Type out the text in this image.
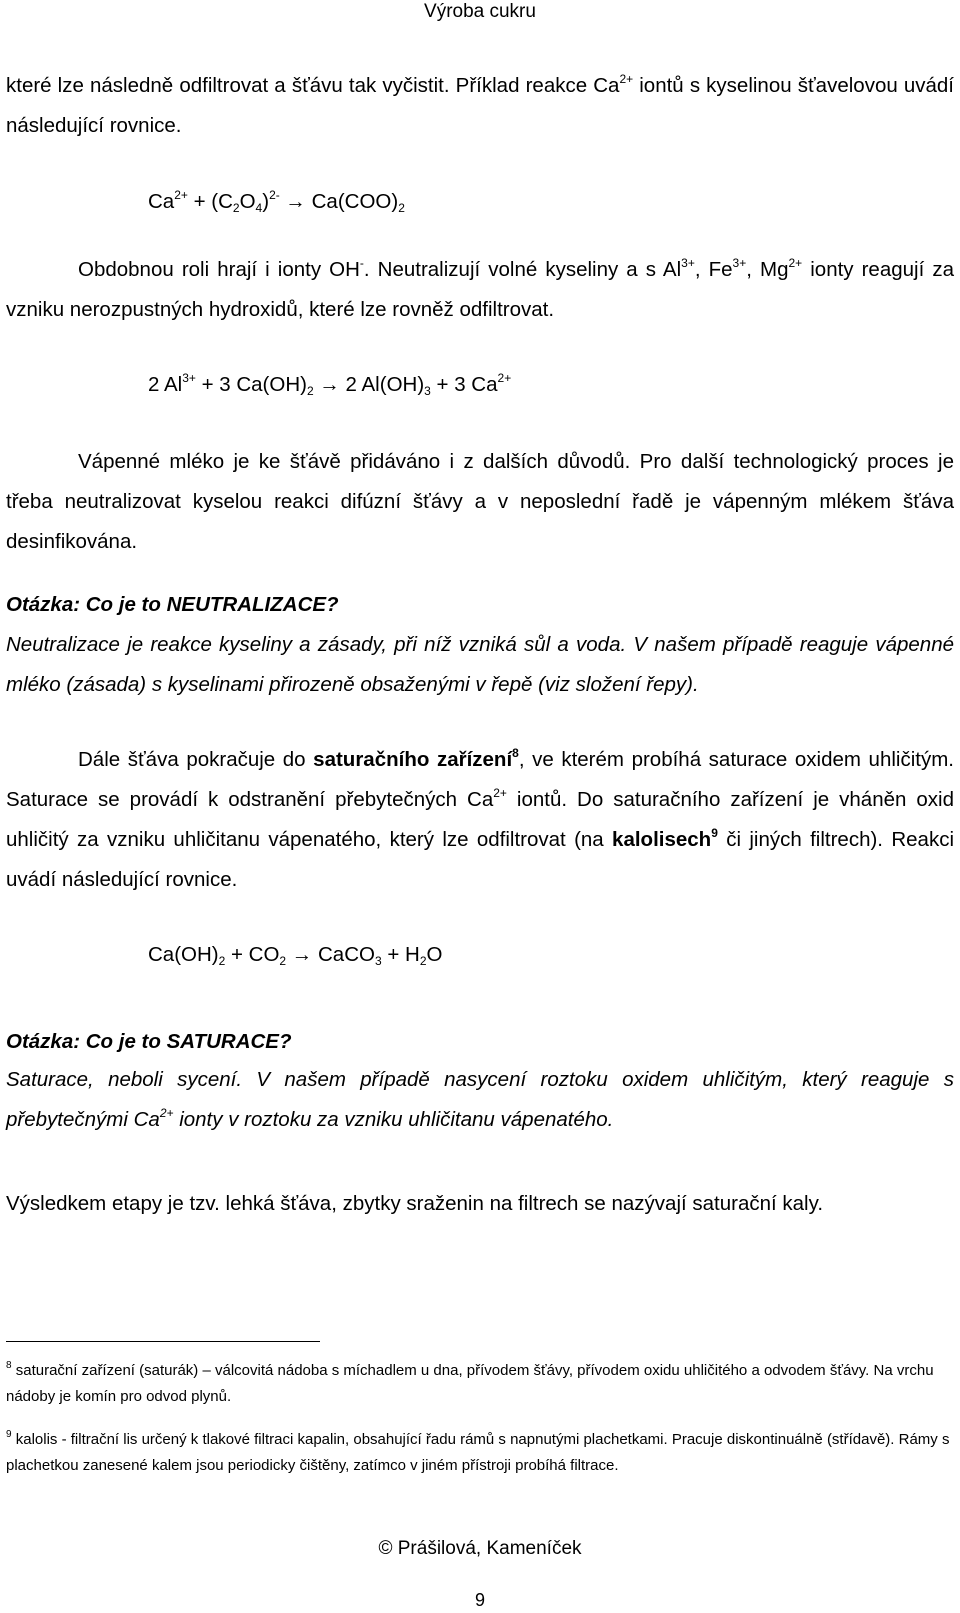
Výroba cukru

které lze následně odfiltrovat a šťávu tak vyčistit. Příklad reakce $Ca^{2+}$ iontů s kyselinou šťavelovou uvádí následující rovnice.

$Ca^{2+} + (C_2O_4)^{2-} \to Ca(COO)_2$

Obdobnou roli hrají i ionty OH-. Neutralizují volné kyseliny a s $Al^{3+}$, $Fe^{3+}$, $Mg^{2+}$ ionty reagují za vzniku nerozpustných hydroxidů, které lze rovněž odfiltrovat.

2 $Al^{3+} + 3$ $Ca(OH)_2 \to 2$ $Al(OH)_3 + 3$ $Ca^{2+}$

Vápenné mléko je ke šťávě přidáváno i z dalších důvodů. Pro další technologický proces je třeba neutralizovat kyselou reakci difúzní šťávy a v neposlední řadě je vápenným mlékem šťáva desinfikována.

Otázka: Co je to NEUTRALIZACE?

Neutralizace je reakce kyseliny a zásady, při níž vzniká sůl a voda. V našem případě reaguje vápenné mléko (zásada) s kyselinami přirozeně obsaženými v řepě (viz složení řepy).

Dále šťáva pokračuje do saturačního zařízení$^8$, ve kterém probíhá saturace oxidem uhličitým. Saturace se provádí k odstranění přebytečných $Ca^{2+}$ iontů. Do saturačního zařízení je vháněn oxid uhličitý za vzniku uhličitanu vápenatého, který lze odfiltrovat (na kalolisech$^9$ či jiných filtrech). Reakci uvádí následující rovnice.

$Ca(OH)_2 + CO_2$ → CaCO$_3$ + $H_2O$
Otázka: Co je to SATURACE?

Saturace, neboli sycení. V našem případě nasycení roztoku oxidem uhličitým, který reaguje s přebytečnými $Ca^{2+}$ ionty v roztoku za vzniku uhličitanu vápenatého.

Výsledkem etapy je tzv. lehká šťáva, zbytky sraženin na filtrech se nazývají saturační kaly.

$^8$ saturační zařízení (saturák) – válcovitá nádoba s míchadlem u dna, přívodem šťávy, přívodem oxidu uhličitého a odvodem šťávy. Na vrchu nádoby je komín pro odvod plynů.

$^9$ kalolis - filtrační lis určený k tlakové filtraci kapalin, obsahující řadu rámů s napnutými plachetkami. Pracuje diskontinuálně (střídavě). Rámy s plachetkou zanesené kalem jsou periodicky čištěny, zatímco v jiném přístroji probíhá filtrace.

© Prášilová, Kameníček
9
